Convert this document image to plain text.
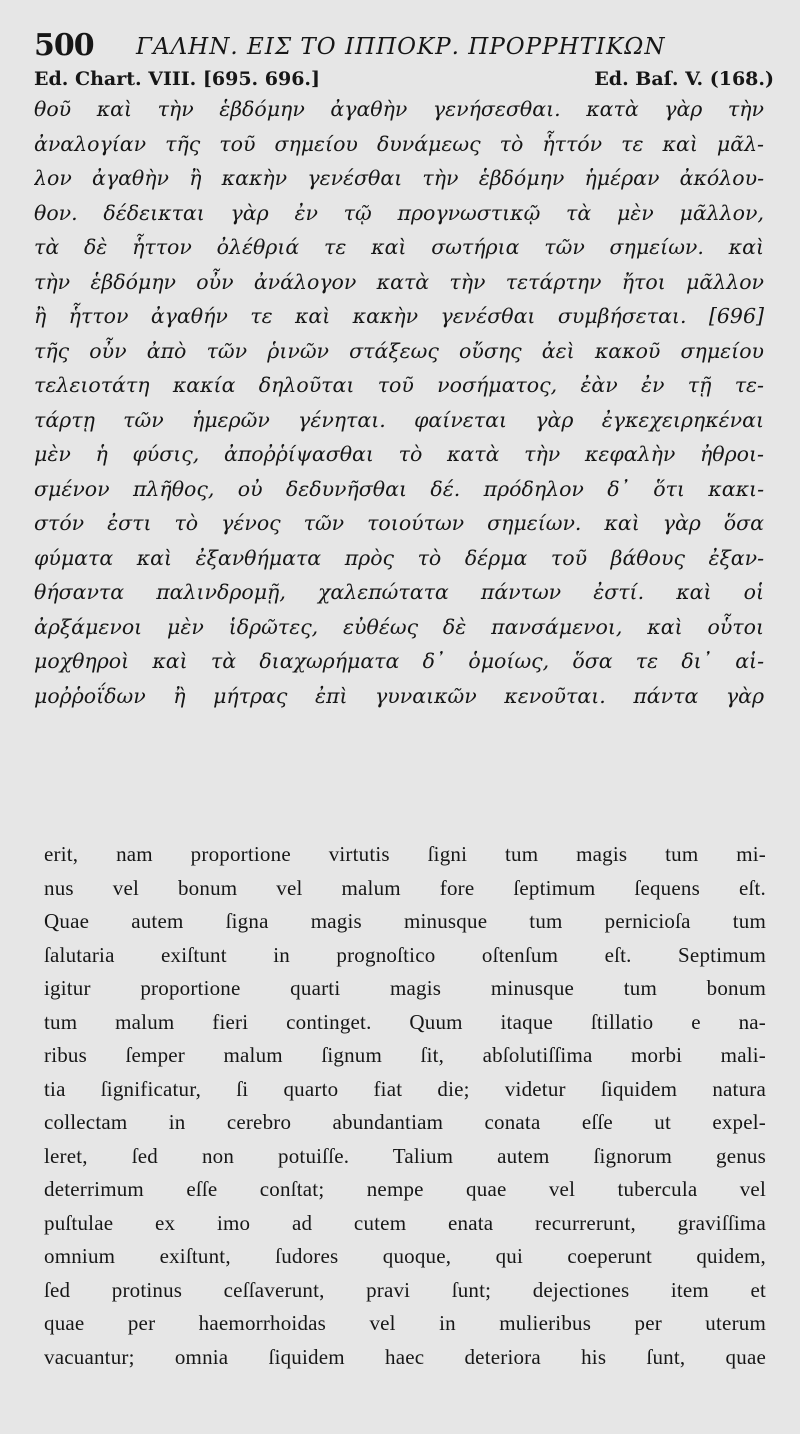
500 ΓΑΛΗΝ. ΕΙΣ ΤΟ ΙΠΠΟΚΡ. ΠΡΟΡΡΗΤΙΚΩΝ
Ed. Chart. VIII. [695. 696.]	Ed. Baſ. V. (168.)
θοῦ καὶ τὴν ἑβδόμην ἀγαθὴν γενήσεσθαι. κατὰ γὰρ τὴν
ἀναλογίαν τῆς τοῦ σημείου δυνάμεως τὸ ἧττόν τε καὶ μᾶλ-
λον ἀγαθὴν ἢ κακὴν γενέσθαι τὴν ἑβδόμην ἡμέραν ἀκόλου-
θον. δέδεικται γὰρ ἐν τῷ προγνωστικῷ τὰ μὲν μᾶλλον,
τὰ δὲ ἧττον ὀλέθριά τε καὶ σωτήρια τῶν σημείων. καὶ
τὴν ἑβδόμην οὖν ἀνάλογον κατὰ τὴν τετάρτην ἤτοι μᾶλλον
ἢ ἧττον ἀγαθήν τε καὶ κακὴν γενέσθαι συμβήσεται. [696]
τῆς οὖν ἀπὸ τῶν ῥινῶν στάξεως οὔσης ἀεὶ κακοῦ σημείου
τελειοτάτη κακία δηλοῦται τοῦ νοσήματος, ἐὰν ἐν τῇ τε-
τάρτῃ τῶν ἡμερῶν γένηται. φαίνεται γὰρ ἐγκεχειρηκέναι
μὲν ἡ φύσις, ἀποῤῥίψασθαι τὸ κατὰ τὴν κεφαλὴν ἠθροι-
σμένον πλῆθος, οὐ δεδυνῆσθαι δέ. πρόδηλον δ᾽ ὅτι κακι-
στόν ἐστι τὸ γένος τῶν τοιούτων σημείων. καὶ γὰρ ὅσα
φύματα καὶ ἐξανθήματα πρὸς τὸ δέρμα τοῦ βάθους ἐξαν-
θήσαντα παλινδρομῇ, χαλεπώτατα πάντων ἐστί. καὶ οἱ
ἀρξάμενοι μὲν ἱδρῶτες, εὐθέως δὲ πανσάμενοι, καὶ οὗτοι
μοχθηροὶ καὶ τὰ διαχωρήματα δ᾽ ὁμοίως, ὅσα τε δι᾽ αἱ-
μοῤῥοΐδων ἢ μήτρας ἐπὶ γυναικῶν κενοῦται. πάντα γὰρ
erit, nam proportione virtutis ſigni tum magis tum mi-
nus vel bonum vel malum fore ſeptimum ſequens eſt.
Quae autem ſigna magis minusque tum pernicioſa tum
ſalutaria exiſtunt in prognoſtico oſtenſum eſt. Septimum
igitur proportione quarti magis minusque tum bonum
tum malum fieri continget. Quum itaque ſtillatio e na-
ribus ſemper malum ſignum ſit, abſolutiſſima morbi mali-
tia ſignificatur, ſi quarto fiat die; videtur ſiquidem natura
collectam in cerebro abundantiam conata eſſe ut expel-
leret, ſed non potuiſſe. Talium autem ſignorum genus
deterrimum eſſe conſtat; nempe quae vel tubercula vel
puſtulae ex imo ad cutem enata recurrerunt, graviſſima
omnium exiſtunt, ſudores quoque, qui coeperunt quidem,
ſed protinus ceſſaverunt, pravi ſunt; dejectiones item et
quae per haemorrhoidas vel in mulieribus per uterum
vacuantur; omnia ſiquidem haec deteriora his ſunt, quae
